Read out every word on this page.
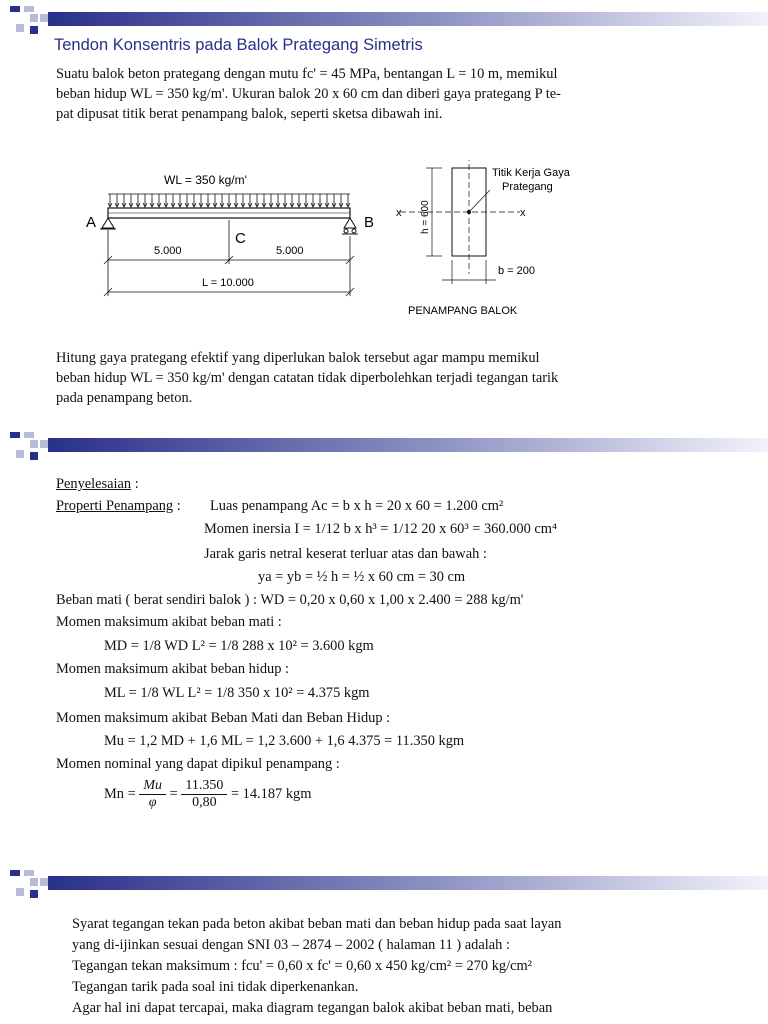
Tendon Konsentris pada Balok Prategang Simetris
Suatu balok beton prategang dengan mutu fc' = 45 MPa, bentangan L = 10 m, memikul
beban hidup WL = 350 kg/m'. Ukuran balok 20 x 60 cm dan diberi gaya prategang P te-
pat dipusat titik berat penampang balok, seperti sketsa dibawah ini.
WL = 350 kg/m'
A	B
C
5.000	5.000
L = 10.000
x	x
h = 600
b = 200
Titik Kerja Gaya
Prategang
PENAMPANG BALOK
Hitung gaya prategang efektif yang diperlukan balok tersebut agar mampu memikul
beban hidup WL = 350 kg/m' dengan catatan tidak diperbolehkan terjadi tegangan tarik
pada penampang beton.
Penyelesaian :
Properti Penampang : Luas penampang Ac = b x h = 20 x 60 = 1.200 cm²
Momen inersia I = 1/12 b x h³ = 1/12 20 x 60³ = 360.000 cm⁴
Jarak garis netral keserat terluar atas dan bawah :
ya = yb = ½ h = ½ x 60 cm = 30 cm
Beban mati ( berat sendiri balok ) : WD = 0,20 x 0,60 x 1,00 x 2.400 = 288 kg/m'
Momen maksimum akibat beban mati :
MD = 1/8 WD L² = 1/8 288 x 10² = 3.600 kgm
Momen maksimum akibat beban hidup :
ML = 1/8 WL L² = 1/8 350 x 10² = 4.375 kgm
Momen maksimum akibat Beban Mati dan Beban Hidup :
Mu = 1,2 MD + 1,6 ML = 1,2 3.600 + 1,6 4.375 = 11.350 kgm
Momen nominal yang dapat dipikul penampang :
$Mn = \frac{Mu}{\varphi} = \frac{11.350}{0,80} = 14.187$ kgm
Syarat tegangan tekan pada beton akibat beban mati dan beban hidup pada saat layan
yang di-ijinkan sesuai dengan SNI 03 – 2874 – 2002 ( halaman 11 ) adalah :
Tegangan tekan maksimum : fcu' = 0,60 x fc' = 0,60 x 450 kg/cm² = 270 kg/cm²
Tegangan tarik pada soal ini tidak diperkenankan.
Agar hal ini dapat tercapai, maka diagram tegangan balok akibat beban mati, beban
